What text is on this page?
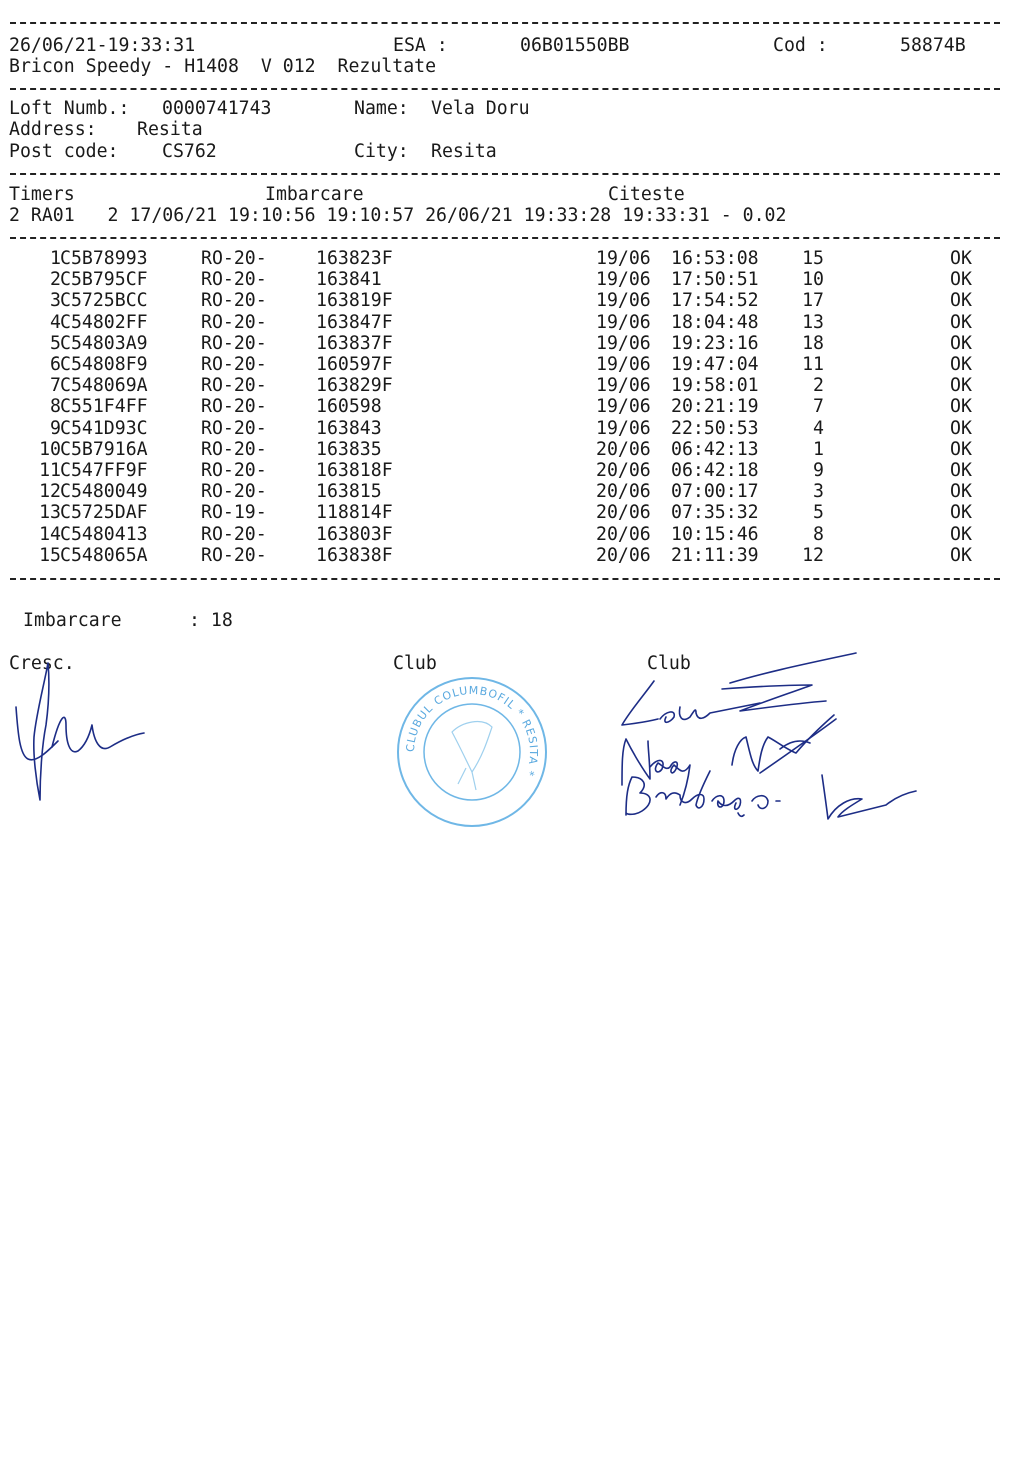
26/06/21-19:33:31	ESA :	06B01550BB	Cod :	58874B
Bricon Speedy - H1408  V 012  Rezultate
Loft Numb.: 0000741743	Name: Vela Doru
Address: Resita
Post code: CS762	City: Resita
Timers	Imbarcare	Citeste
2 RA01   2 17/06/21 19:10:56 19:10:57 26/06/21 19:33:28 19:33:31 - 0.02
1 C5B78993	RO-20-	163823F	19/06 16:53:08 15	OK
2 C5B795CF	RO-20-	163841	19/06 17:50:51 10	OK
3 C5725BCC	RO-20-	163819F	19/06 17:54:52 17	OK
4 C54802FF	RO-20-	163847F	19/06 18:04:48 13	OK
5 C54803A9	RO-20-	163837F	19/06 19:23:16 18	OK
6 C54808F9	RO-20-	160597F	19/06 19:47:04 11	OK
7 C548069A	RO-20-	163829F	19/06 19:58:01	2	OK
8 C551F4FF	RO-20-	160598	19/06 20:21:19	7	OK
9 C541D93C	RO-20-	163843	19/06 22:50:53	4	OK
10 C5B7916A	RO-20-	163835	20/06 06:42:13	1	OK
11 C547FF9F	RO-20-	163818F	20/06 06:42:18	9	OK
12 C5480049	RO-20-	163815	20/06 07:00:17	3	OK
13 C5725DAF	RO-19-	118814F	20/06 07:35:32	5	OK
14 C5480413	RO-20-	163803F	20/06 10:15:46	8	OK
15 C548065A	RO-20-	163838F	20/06 21:11:39 12	OK
Imbarcare	: 18
Cresc.	Club	Club
CLUBUL COLUMBOFIL * RESITA *
